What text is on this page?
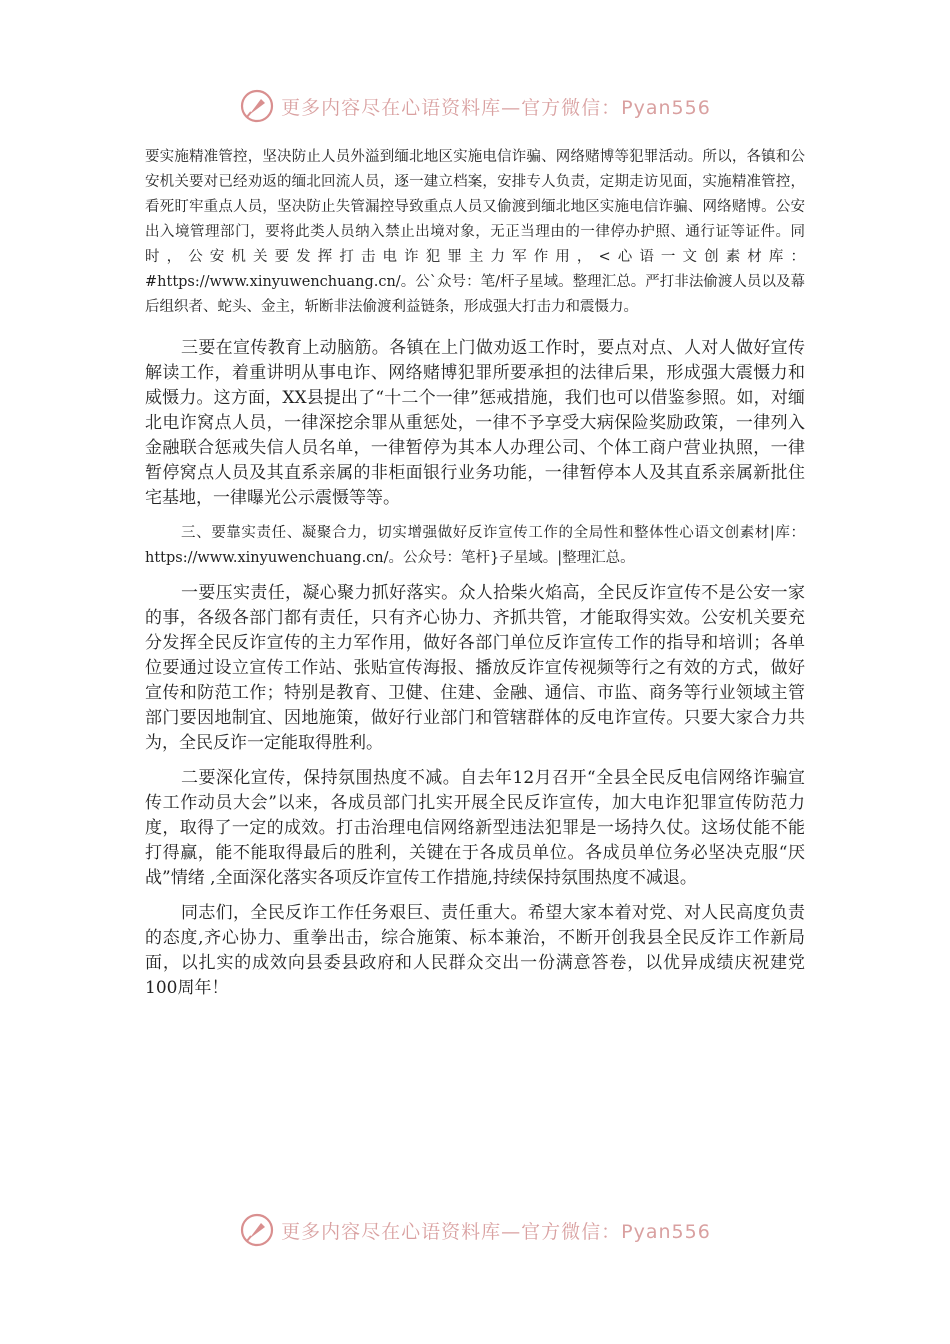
更多内容尽在心语资料库—官方微信：Pyan556

要实施精准管控，坚决防止人员外溢到缅北地区实施电信诈骗、网络赌博等犯罪活动。所以，各镇和公安机关要对已经劝返的缅北回流人员，逐一建立档案，安排专人负责，定期走访见面，实施精准管控，看死盯牢重点人员，坚决防止失管漏控导致重点人员又偷渡到缅北地区实施电信诈骗、网络赌博。公安出入境管理部门，要将此类人员纳入禁止出境对象，无正当理由的一律停办护照、通行证等证件。同时，公安机关要发挥打击电诈犯罪主力军作用，<心语一文创素材库：#https://www.xinyuwenchuang.cn/。公`众号：笔/杆子星域。整理汇总。严打非法偷渡人员以及幕后组织者、蛇头、金主，斩断非法偷渡利益链条，形成强大打击力和震慑力。

三要在宣传教育上动脑筋。各镇在上门做劝返工作时，要点对点、人对人做好宣传解读工作，着重讲明从事电诈、网络赌博犯罪所要承担的法律后果，形成强大震慑力和威慑力。这方面，XX县提出了“十二个一律”惩戒措施，我们也可以借鉴参照。如，对缅北电诈窝点人员，一律深挖余罪从重惩处，一律不予享受大病保险奖励政策，一律列入金融联合惩戒失信人员名单，一律暂停为其本人办理公司、个体工商户营业执照，一律暂停窝点人员及其直系亲属的非柜面银行业务功能，一律暂停本人及其直系亲属新批住宅基地，一律曝光公示震慑等等。

三、要靠实责任、凝聚合力，切实增强做好反诈宣传工作的全局性和整体性心语文创素材|库：https://www.xinyuwenchuang.cn/。公众号：笔杆}子星域。|整理汇总。

一要压实责任，凝心聚力抓好落实。众人拾柴火焰高，全民反诈宣传不是公安一家的事，各级各部门都有责任，只有齐心协力、齐抓共管，才能取得实效。公安机关要充分发挥全民反诈宣传的主力军作用，做好各部门单位反诈宣传工作的指导和培训；各单位要通过设立宣传工作站、张贴宣传海报、播放反诈宣传视频等行之有效的方式，做好宣传和防范工作；特别是教育、卫健、住建、金融、通信、市监、商务等行业领域主管部门要因地制宜、因地施策，做好行业部门和管辖群体的反电诈宣传。只要大家合力共为，全民反诈一定能取得胜利。

二要深化宣传，保持氛围热度不减。自去年12月召开“全县全民反电信网络诈骗宣传工作动员大会”以来，各成员部门扎实开展全民反诈宣传，加大电诈犯罪宣传防范力度，取得了一定的成效。打击治理电信网络新型违法犯罪是一场持久仗。这场仗能不能打得赢，能不能取得最后的胜利，关键在于各成员单位。各成员单位务必坚决克服“厌战”情绪 ,全面深化落实各项反诈宣传工作措施,持续保持氛围热度不减退。

同志们，全民反诈工作任务艰巨、责任重大。希望大家本着对党、对人民高度负责的态度,齐心协力、重拳出击，综合施策、标本兼治，不断开创我县全民反诈工作新局面，以扎实的成效向县委县政府和人民群众交出一份满意答卷，以优异成绩庆祝建党100周年！

更多内容尽在心语资料库—官方微信：Pyan556
